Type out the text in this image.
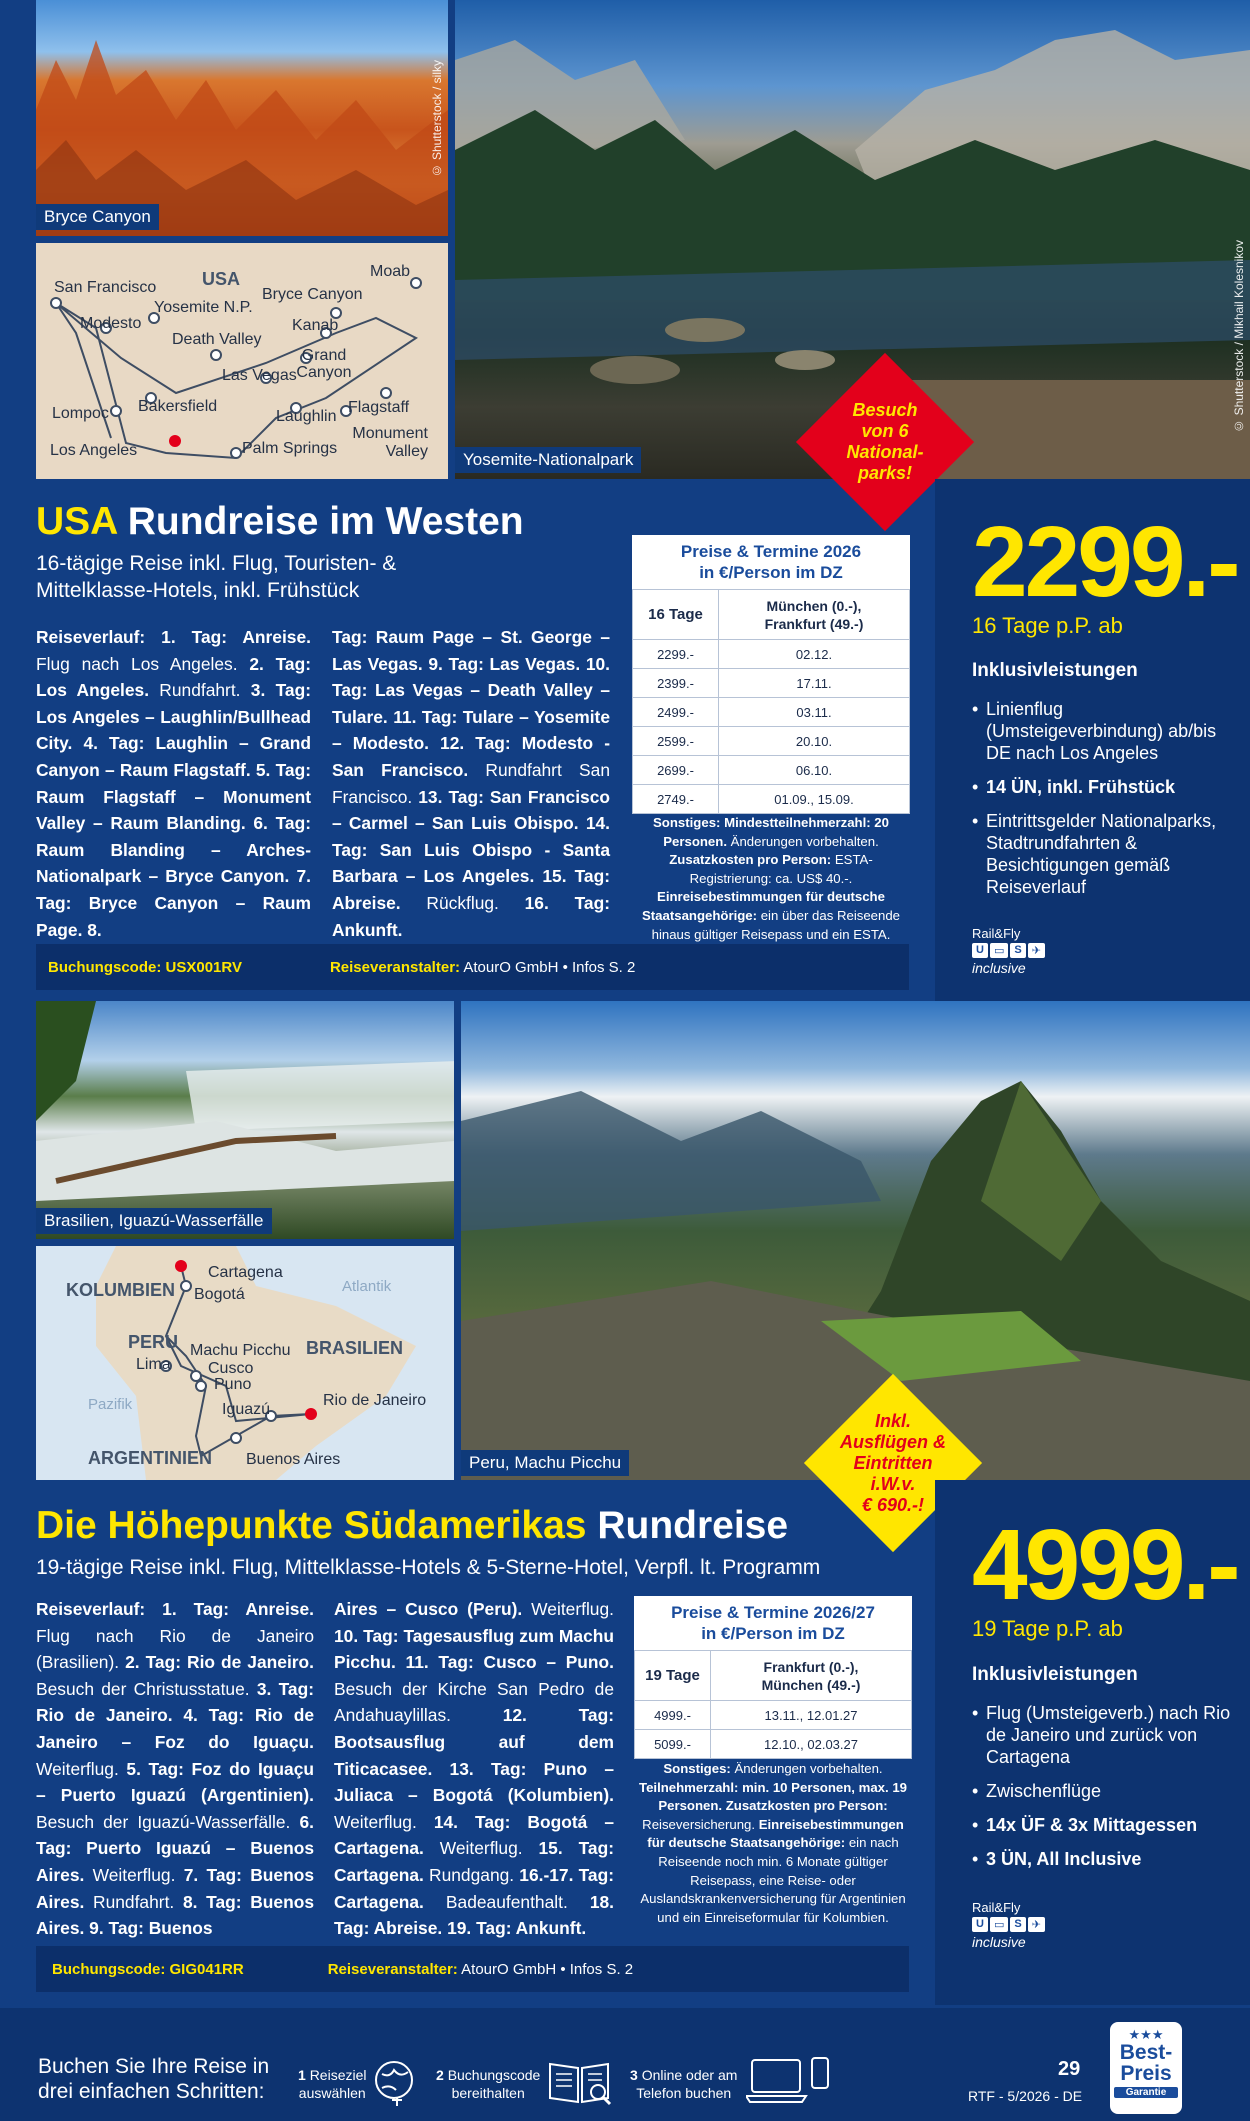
Bryce Canyon
© Shutterstock / silky
USA
San Francisco
Yosemite N.P.
Modesto
Bryce Canyon
Moab
Kanab
Death Valley
Grand Canyon
Las Vegas
Bakersfield
Laughlin
Flagstaff
Lompoc
Monument Valley
Los Angeles	Palm Springs
Yosemite-Nationalpark
© Shutterstock / Mikhail Kolesnikov
Besuch
von 6
National-
parks!
USA Rundreise im Westen
16-tägige Reise inkl. Flug, Touristen- &
Mittelklasse-Hotels, inkl. Frühstück
Reiseverlauf: 1. Tag: Anreise. Flug nach Los Angeles. 2. Tag: Los Angeles. Rundfahrt. 3. Tag: Los Angeles – Laughlin/Bullhead City. 4. Tag: Laughlin – Grand Canyon – Raum Flagstaff. 5. Tag: Raum Flagstaff – Monument Valley – Raum Blanding. 6. Tag: Raum Blanding – Arches-Nationalpark – Bryce Canyon. 7. Tag: Bryce Canyon – Raum Page. 8.
Tag: Raum Page – St. George – Las Vegas. 9. Tag: Las Vegas. 10. Tag: Las Vegas – Death Valley – Tulare. 11. Tag: Tulare – Yosemite – Modesto. 12. Tag: Modesto - San Francisco. Rundfahrt San Francisco. 13. Tag: San Francisco – Carmel – San Luis Obispo. 14. Tag: San Luis Obispo - Santa Barbara – Los Angeles. 15. Tag: Abreise. Rückflug. 16. Tag: Ankunft.
Preise & Termine 2026
in €/Person im DZ
16 Tage	München (0.-),
Frankfurt (49.-)

2299.-	02.12.
2399.-	17.11.
2499.-	03.11.
2599.-	20.10.
2699.-	06.10.
2749.-	01.09., 15.09.
Sonstiges: Mindestteilnehmerzahl: 20 Personen. Änderungen vorbehalten. Zusatzkosten pro Person: ESTA-Registrierung: ca. US$ 40.-. Einreisebestimmungen für deutsche Staatsangehörige: ein über das Reiseende hinaus gültiger Reisepass und ein ESTA.
Buchungscode: USX001RV	Reiseveranstalter: AtourO GmbH • Infos S. 2
2299.-
16 Tage p.P. ab
Inklusivleistungen
• Linienflug (Umsteigeverbindung) ab/bis DE nach Los Angeles
• 14 ÜN, inkl. Frühstück
• Eintrittsgelder Nationalparks, Stadtrundfahrten & Besichtigungen gemäß Reiseverlauf
Rail&Fly
U ▭ S ✈
inclusive
Brasilien, Iguazú-Wasserfälle
KOLUMBIEN
PERU	BRASILIEN
ARGENTINIEN
Atlantik
Pazifik
Cartagena
Bogotá
Machu Picchu
Lima Cusco
Puno
Iguazú
Rio de Janeiro
Buenos Aires	Peru, Machu Picchu
Inkl.
Ausflügen &
Eintritten
i.W.v.
€ 690.-!
Die Höhepunkte Südamerikas Rundreise
19-tägige Reise inkl. Flug, Mittelklasse-Hotels & 5-Sterne-Hotel, Verpfl. lt. Programm
Reiseverlauf: 1. Tag: Anreise. Flug nach Rio de Janeiro (Brasilien). 2. Tag: Rio de Janeiro. Besuch der Christusstatue. 3. Tag: Rio de Janeiro. 4. Tag: Rio de Janeiro – Foz do Iguaçu. Weiterflug. 5. Tag: Foz do Iguaçu – Puerto Iguazú (Argentinien). Besuch der Iguazú-Wasserfälle. 6. Tag: Puerto Iguazú – Buenos Aires. Weiterflug. 7. Tag: Buenos Aires. Rundfahrt. 8. Tag: Buenos Aires. 9. Tag: Buenos
Aires – Cusco (Peru). Weiterflug. 10. Tag: Tagesausflug zum Machu Picchu. 11. Tag: Cusco – Puno. Besuch der Kirche San Pedro de Andahuaylillas. 12. Tag: Bootsausflug auf dem Titicacasee. 13. Tag: Puno – Juliaca – Bogotá (Kolumbien). Weiterflug. 14. Tag: Bogotá – Cartagena. Weiterflug. 15. Tag: Cartagena. Rundgang. 16.-17. Tag: Cartagena. Badeaufenthalt. 18. Tag: Abreise. 19. Tag: Ankunft.
Preise & Termine 2026/27
in €/Person im DZ
19 Tage	Frankfurt (0.-),
München (49.-)

4999.-	13.11., 12.01.27
5099.-	12.10., 02.03.27
Sonstiges: Änderungen vorbehalten. Teilnehmerzahl: min. 10 Personen, max. 19 Personen. Zusatzkosten pro Person: Reiseversicherung. Einreisebestimmungen für deutsche Staatsangehörige: ein nach Reiseende noch min. 6 Monate gültiger Reisepass, eine Reise- oder Auslandskrankenversicherung für Argentinien und ein Einreiseformular für Kolumbien.
Buchungscode: GIG041RR	Reiseveranstalter: AtourO GmbH • Infos S. 2
4999.-
19 Tage p.P. ab
Inklusivleistungen
• Flug (Umsteigeverb.) nach Rio de Janeiro und zurück von Cartagena
• Zwischenflüge
• 14x ÜF & 3x Mittagessen
• 3 ÜN, All Inclusive
Rail&Fly
U ▭ S ✈
inclusive
Buchen Sie Ihre Reise in
drei einfachen Schritten:
1 Reiseziel
auswählen
2 Buchungscode
bereithalten
3 Online oder am
Telefon buchen
29
RTF - 5/2026 - DE
★★★
Best-
Preis
Garantie
